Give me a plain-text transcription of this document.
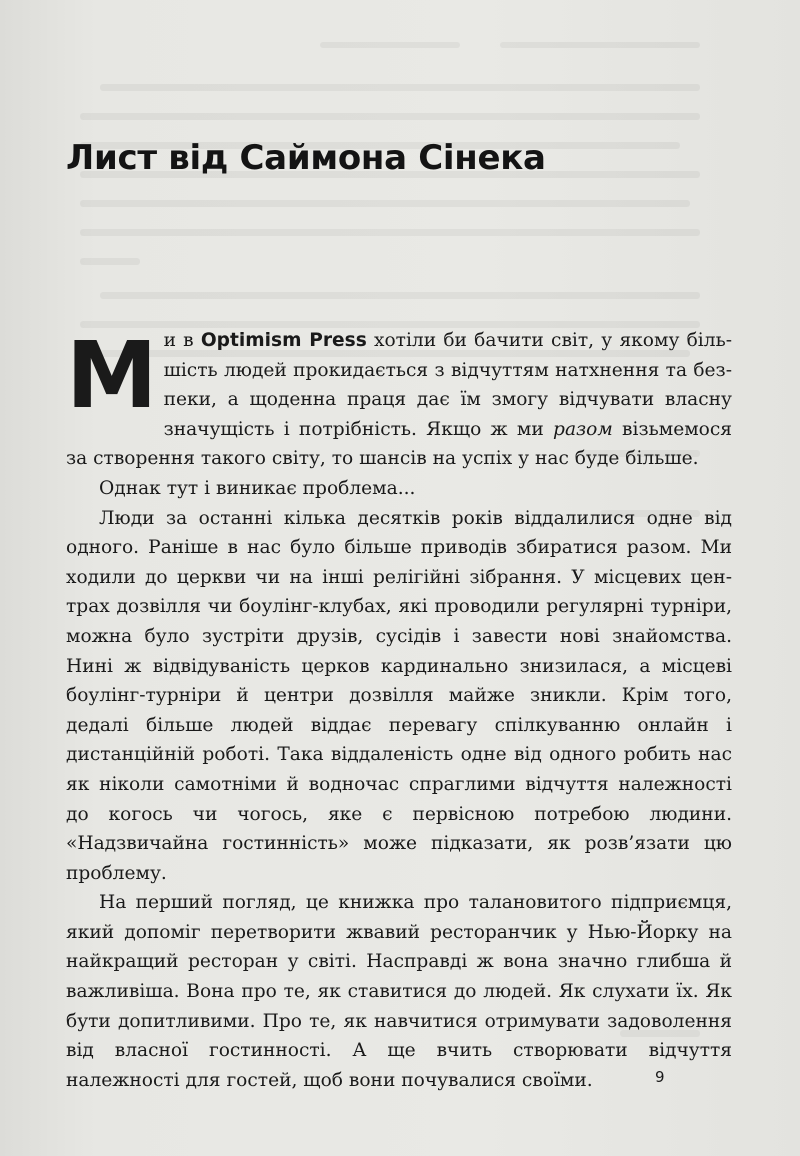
Лист від Саймона Сінека

Ми в Optimism Press хотіли би бачити світ, у якому більшість людей прокидається з відчуттям натхнення та безпеки, а щоденна праця дає їм змогу відчувати власну значущість і потрібність. Якщо ж ми разом візьмемося за створення такого світу, то шансів на успіх у нас буде більше.

Однак тут і виникає проблема...

Люди за останні кілька десятків років віддалилися одне від одного. Раніше в нас було більше приводів збиратися разом. Ми ходили до церкви чи на інші релігійні зібрання. У місцевих центрах дозвілля чи боулінг-клубах, які проводили регулярні турніри, можна було зустріти друзів, сусідів і завести нові знайомства. Нині ж відвідуваність церков кардинально знизилася, а місцеві боулінг-турніри й центри дозвілля майже зникли. Крім того, дедалі більше людей віддає перевагу спілкуванню онлайн і дистанційній роботі. Така віддаленість одне від одного робить нас як ніколи самотніми й водночас спраглими відчуття належності до когось чи чогось, яке є первісною потребою людини. «Надзвичайна гостинність» може підказати, як розв’язати цю проблему.

На перший погляд, це книжка про талановитого підприємця, який допоміг перетворити жвавий ресторанчик у Нью-Йорку на найкращий ресторан у світі. Насправді ж вона значно глибша й важливіша. Вона про те, як ставитися до людей. Як слухати їх. Як бути допитливими. Про те, як навчитися отримувати задоволення від власної гостинності. А ще вчить створювати відчуття належності для гостей, щоб вони почувалися своїми.	9
